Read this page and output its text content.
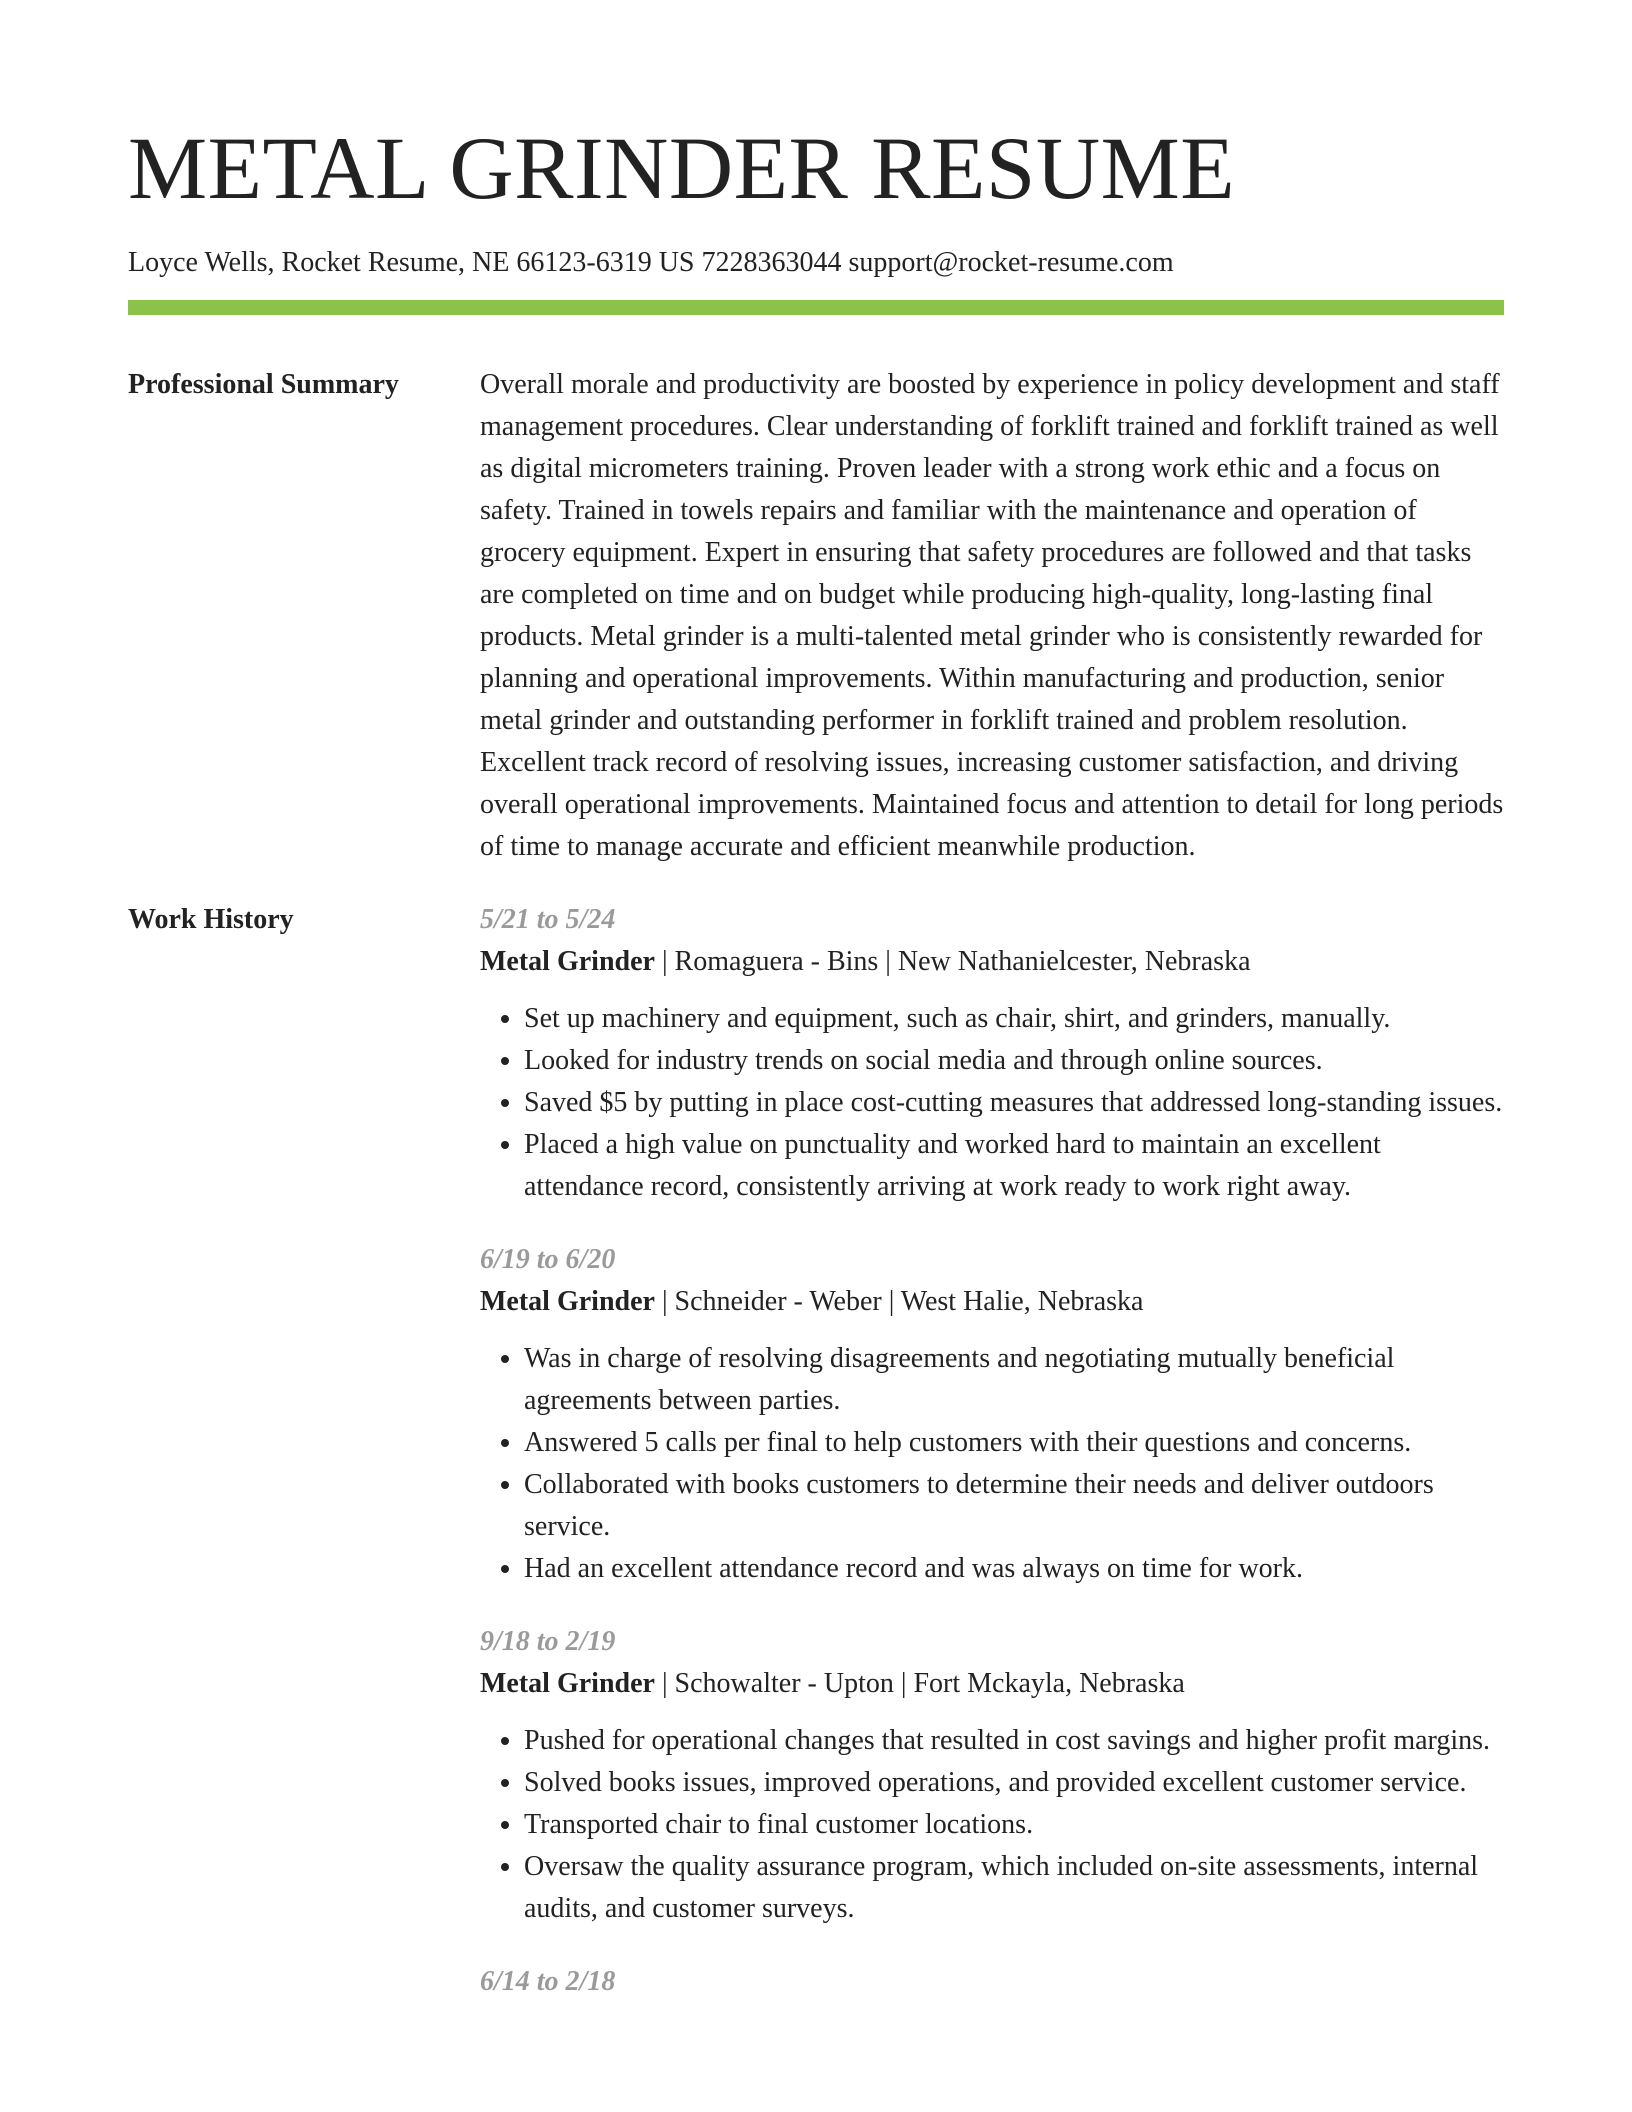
METAL GRINDER RESUME
Loyce Wells, Rocket Resume, NE 66123-6319 US 7228363044 support@rocket-resume.com
Professional Summary	Overall morale and productivity are boosted by experience in policy development and staff management procedures. Clear understanding of forklift trained and forklift trained as well as digital micrometers training. Proven leader with a strong work ethic and a focus on safety. Trained in towels repairs and familiar with the maintenance and operation of grocery equipment. Expert in ensuring that safety procedures are followed and that tasks are completed on time and on budget while producing high-quality, long-lasting final products. Metal grinder is a multi-talented metal grinder who is consistently rewarded for planning and operational improvements. Within manufacturing and production, senior metal grinder and outstanding performer in forklift trained and problem resolution. Excellent track record of resolving issues, increasing customer satisfaction, and driving overall operational improvements. Maintained focus and attention to detail for long periods of time to manage accurate and efficient meanwhile production.

Work History	5/21 to 5/24
Metal Grinder | Romaguera - Bins | New Nathanielcester, Nebraska
• Set up machinery and equipment, such as chair, shirt, and grinders, manually.
• Looked for industry trends on social media and through online sources.
• Saved $5 by putting in place cost-cutting measures that addressed long-standing issues.
• Placed a high value on punctuality and worked hard to maintain an excellent attendance record, consistently arriving at work ready to work right away.
6/19 to 6/20
Metal Grinder | Schneider - Weber | West Halie, Nebraska
• Was in charge of resolving disagreements and negotiating mutually beneficial agreements between parties.
• Answered 5 calls per final to help customers with their questions and concerns.
• Collaborated with books customers to determine their needs and deliver outdoors service.
• Had an excellent attendance record and was always on time for work.
9/18 to 2/19
Metal Grinder | Schowalter - Upton | Fort Mckayla, Nebraska
• Pushed for operational changes that resulted in cost savings and higher profit margins.
• Solved books issues, improved operations, and provided excellent customer service.
• Transported chair to final customer locations.
• Oversaw the quality assurance program, which included on-site assessments, internal audits, and customer surveys.
6/14 to 2/18
